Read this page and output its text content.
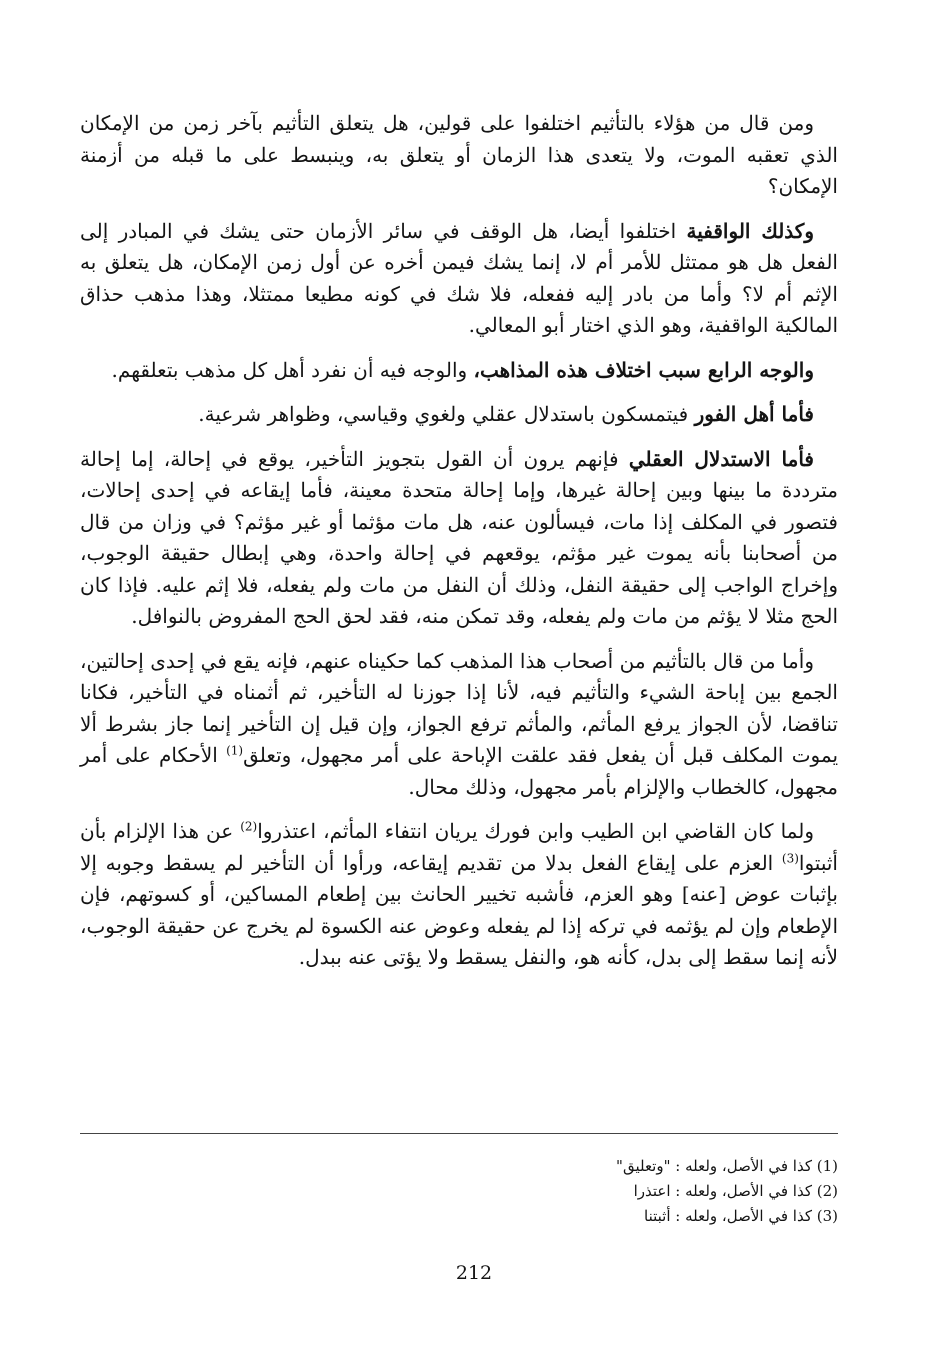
ومن قال من هؤلاء بالتأثيم اختلفوا على قولين، هل يتعلق التأثيم بآخر زمن من الإمكان الذي تعقبه الموت، ولا يتعدى هذا الزمان أو يتعلق به، وينبسط على ما قبله من أزمنة الإمكان؟

وكذلك الواقفية اختلفوا أيضا، هل الوقف في سائر الأزمان حتى يشك في المبادر إلى الفعل هل هو ممتثل للأمر أم لا، إنما يشك فيمن أخره عن أول زمن الإمكان، هل يتعلق به الإثم أم لا؟ وأما من بادر إليه ففعله، فلا شك في كونه مطيعا ممتثلا، وهذا مذهب حذاق المالكية الواقفية، وهو الذي اختار أبو المعالي.

والوجه الرابع سبب اختلاف هذه المذاهب، والوجه فيه أن نفرد أهل كل مذهب بتعلقهم.

فأما أهل الفور فيتمسكون باستدلال عقلي ولغوي وقياسي، وظواهر شرعية.

فأما الاستدلال العقلي فإنهم يرون أن القول بتجويز التأخير، يوقع في إحالة، إما إحالة مترددة ما بينها وبين إحالة غيرها، وإما إحالة متحدة معينة، فأما إيقاعه في إحدى إحالات، فتصور في المكلف إذا مات، فيسألون عنه، هل مات مؤثما أو غير مؤثم؟ في وزان من قال من أصحابنا بأنه يموت غير مؤثم، يوقعهم في إحالة واحدة، وهي إبطال حقيقة الوجوب، وإخراج الواجب إلى حقيقة النفل، وذلك أن النفل من مات ولم يفعله، فلا إثم عليه. فإذا كان الحج مثلا لا يؤثم من مات ولم يفعله، وقد تمكن منه، فقد لحق الحج المفروض بالنوافل.

وأما من قال بالتأثيم من أصحاب هذا المذهب كما حكيناه عنهم، فإنه يقع في إحدى إحالتين، الجمع بين إباحة الشيء والتأثيم فيه، لأنا إذا جوزنا له التأخير، ثم أثمناه في التأخير، فكانا تناقضا، لأن الجواز يرفع المأثم، والمأثم ترفع الجواز، وإن قيل إن التأخير إنما جاز بشرط ألا يموت المكلف قبل أن يفعل فقد علقت الإباحة على أمر مجهول، وتعلق$^{(1)}$ الأحكام على أمر مجهول، كالخطاب والإلزام بأمر مجهول، وذلك محال.

ولما كان القاضي ابن الطيب وابن فورك يريان انتفاء المأثم، اعتذروا$^{(2)}$ عن هذا الإلزام بأن أثبتوا$^{(3)}$ العزم على إيقاع الفعل بدلا من تقديم إيقاعه، ورأوا أن التأخير لم يسقط وجوبه إلا بإثبات عوض [عنه] وهو العزم، فأشبه تخيير الحانث بين إطعام المساكين، أو كسوتهم، فإن الإطعام وإن لم يؤثمه في تركه إذا لم يفعله وعوض عنه الكسوة لم يخرج عن حقيقة الوجوب، لأنه إنما سقط إلى بدل، كأنه هو، والنفل يسقط ولا يؤتى عنه ببدل.

(1) كذا في الأصل، ولعله : "وتعليق"

(2) كذا في الأصل، ولعله : اعتذرا

(3) كذا في الأصل، ولعله : أثبتنا

212
